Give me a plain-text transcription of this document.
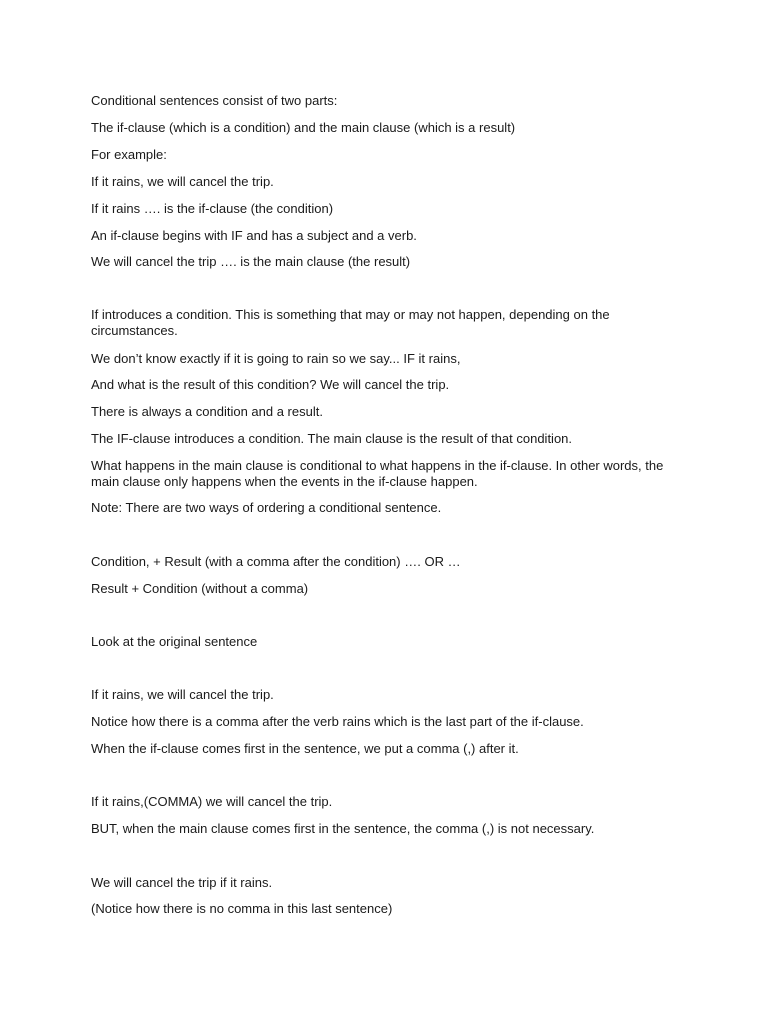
Conditional sentences consist of two parts:

The if-clause (which is a condition) and the main clause (which is a result)

For example:

If it rains, we will cancel the trip.

If it rains …. is the if-clause (the condition)

An if-clause begins with IF and has a subject and a verb.

We will cancel the trip …. is the main clause (the result)

If introduces a condition. This is something that may or may not happen, depending on the circumstances.

We don’t know exactly if it is going to rain so we say... IF it rains,

And what is the result of this condition? We will cancel the trip.

There is always a condition and a result.

The IF-clause introduces a condition. The main clause is the result of that condition.

What happens in the main clause is conditional to what happens in the if-clause. In other words, the main clause only happens when the events in the if-clause happen.

Note: There are two ways of ordering a conditional sentence.

Condition, + Result (with a comma after the condition) …. OR …

Result + Condition (without a comma)

Look at the original sentence

If it rains, we will cancel the trip.

Notice how there is a comma after the verb rains which is the last part of the if-clause.

When the if-clause comes first in the sentence, we put a comma (,) after it.

If it rains,(COMMA) we will cancel the trip.

BUT, when the main clause comes first in the sentence, the comma (,) is not necessary.

We will cancel the trip if it rains.

(Notice how there is no comma in this last sentence)
